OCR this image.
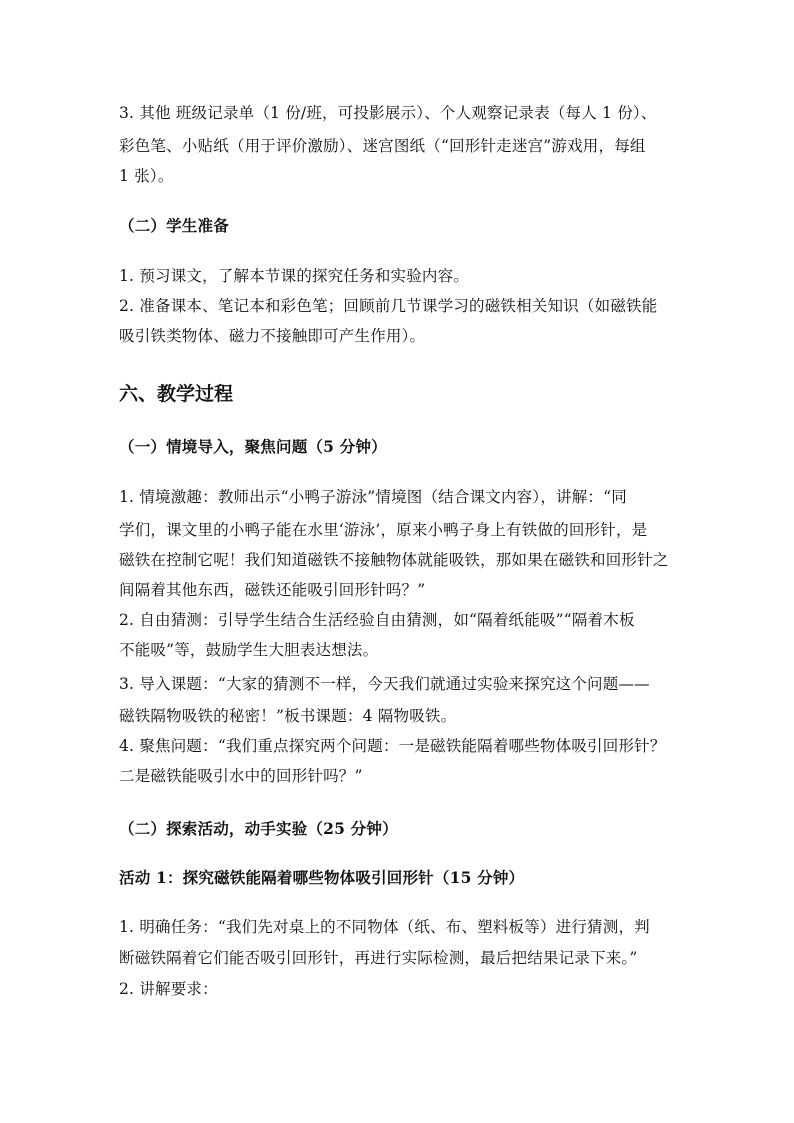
3. 其他 班级记录单（1 份/班，可投影展示）、个人观察记录表（每人 1 份）、
彩色笔、小贴纸（用于评价激励）、迷宫图纸（“回形针走迷宫”游戏用，每组
1 张）。
（二）学生准备
1. 预习课文，了解本节课的探究任务和实验内容。
2. 准备课本、笔记本和彩色笔；回顾前几节课学习的磁铁相关知识（如磁铁能
吸引铁类物体、磁力不接触即可产生作用）。
六、教学过程
（一）情境导入，聚焦问题（5 分钟）
1. 情境激趣：教师出示“小鸭子游泳”情境图（结合课文内容），讲解：“同
学们，课文里的小鸭子能在水里‘游泳’，原来小鸭子身上有铁做的回形针，是
磁铁在控制它呢！我们知道磁铁不接触物体就能吸铁，那如果在磁铁和回形针之
间隔着其他东西，磁铁还能吸引回形针吗？”
2. 自由猜测：引导学生结合生活经验自由猜测，如“隔着纸能吸”“隔着木板
不能吸”等，鼓励学生大胆表达想法。
3. 导入课题：“大家的猜测不一样，今天我们就通过实验来探究这个问题——
磁铁隔物吸铁的秘密！”板书课题：4 隔物吸铁。
4. 聚焦问题：“我们重点探究两个问题：一是磁铁能隔着哪些物体吸引回形针？
二是磁铁能吸引水中的回形针吗？”
（二）探索活动，动手实验（25 分钟）
活动 1：探究磁铁能隔着哪些物体吸引回形针（15 分钟）
1. 明确任务：“我们先对桌上的不同物体（纸、布、塑料板等）进行猜测，判
断磁铁隔着它们能否吸引回形针，再进行实际检测，最后把结果记录下来。”
2. 讲解要求：
